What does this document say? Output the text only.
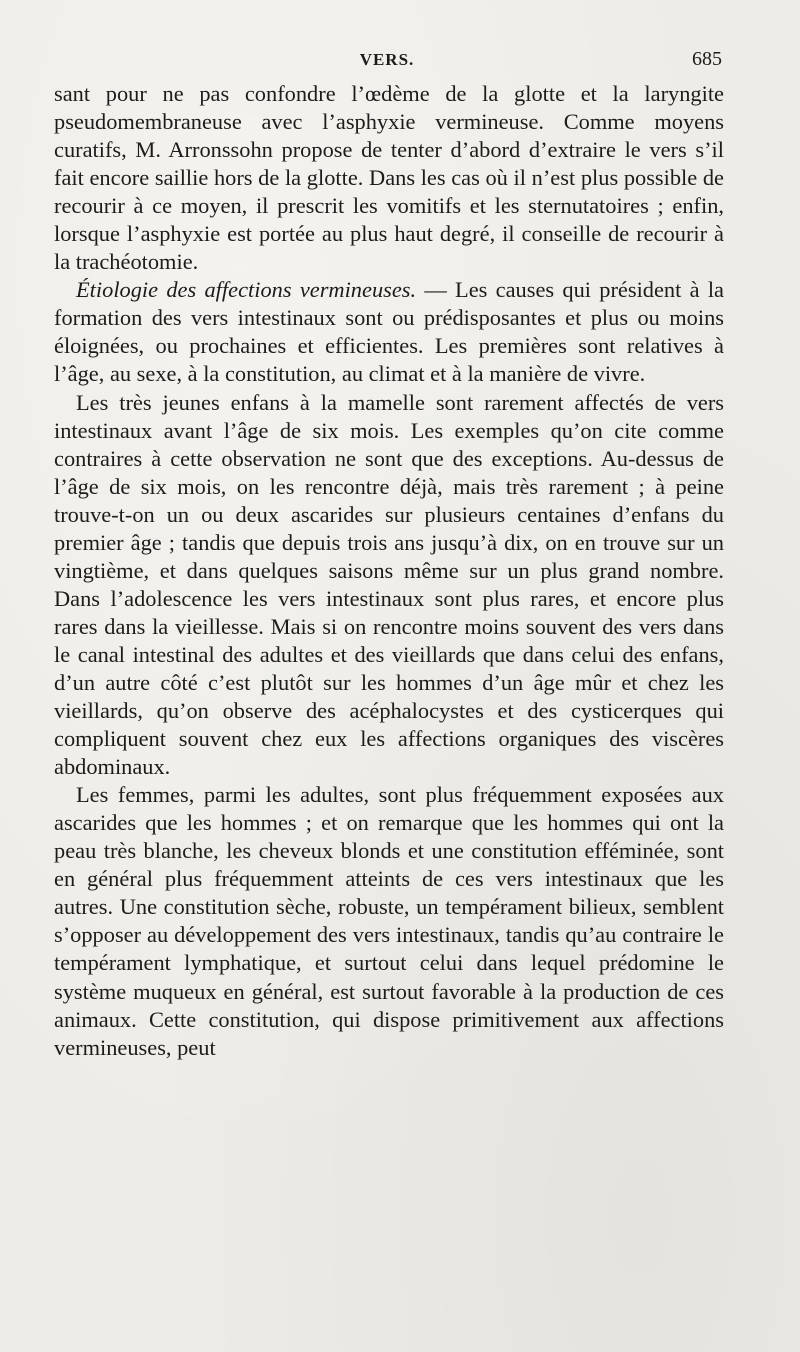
VERS.	685

sant pour ne pas confondre l’œdème de la glotte et la laryngite pseudomembraneuse avec l’asphyxie vermineuse. Comme moyens curatifs, M. Arronssohn propose de tenter d’abord d’extraire le vers s’il fait encore saillie hors de la glotte. Dans les cas où il n’est plus possible de recourir à ce moyen, il prescrit les vomitifs et les sternutatoires ; enfin, lorsque l’asphyxie est portée au plus haut degré, il conseille de recourir à la trachéotomie.

Étiologie des affections vermineuses. — Les causes qui président à la formation des vers intestinaux sont ou prédisposantes et plus ou moins éloignées, ou prochaines et efficientes. Les premières sont relatives à l’âge, au sexe, à la constitution, au climat et à la manière de vivre.

Les très jeunes enfans à la mamelle sont rarement affectés de vers intestinaux avant l’âge de six mois. Les exemples qu’on cite comme contraires à cette observation ne sont que des exceptions. Au-dessus de l’âge de six mois, on les rencontre déjà, mais très rarement ; à peine trouve-t-on un ou deux ascarides sur plusieurs centaines d’enfans du premier âge ; tandis que depuis trois ans jusqu’à dix, on en trouve sur un vingtième, et dans quelques saisons même sur un plus grand nombre. Dans l’adolescence les vers intestinaux sont plus rares, et encore plus rares dans la vieillesse. Mais si on rencontre moins souvent des vers dans le canal intestinal des adultes et des vieillards que dans celui des enfans, d’un autre côté c’est plutôt sur les hommes d’un âge mûr et chez les vieillards, qu’on observe des acéphalocystes et des cysticerques qui compliquent souvent chez eux les affections organiques des viscères abdominaux.

Les femmes, parmi les adultes, sont plus fréquemment exposées aux ascarides que les hommes ; et on remarque que les hommes qui ont la peau très blanche, les cheveux blonds et une constitution efféminée, sont en général plus fréquemment atteints de ces vers intestinaux que les autres. Une constitution sèche, robuste, un tempérament bilieux, semblent s’opposer au développement des vers intestinaux, tandis qu’au contraire le tempérament lymphatique, et surtout celui dans lequel prédomine le système muqueux en général, est surtout favorable à la production de ces animaux. Cette constitution, qui dispose primitivement aux affections vermineuses, peut
